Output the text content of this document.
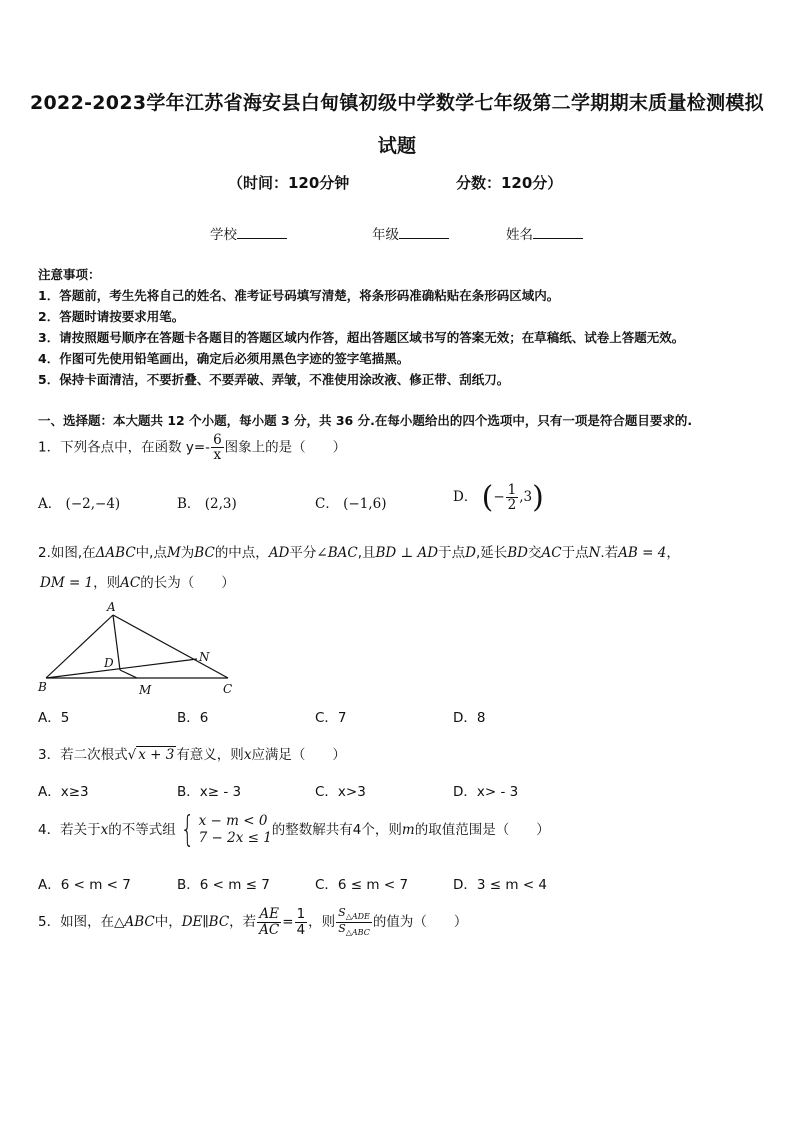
2022-2023学年江苏省海安县白甸镇初级中学数学七年级第二学期期末质量检测模拟
试题
（时间：120分钟	分数：120分）
学校	年级	姓名
注意事项：
1．答题前，考生先将自己的姓名、准考证号码填写清楚，将条形码准确粘贴在条形码区域内。
2．答题时请按要求用笔。
3．请按照题号顺序在答题卡各题目的答题区域内作答，超出答题区域书写的答案无效；在草稿纸、试卷上答题无效。
4．作图可先使用铅笔画出，确定后必须用黑色字迹的签字笔描黑。
5．保持卡面清洁，不要折叠、不要弄破、弄皱，不准使用涂改液、修正带、刮纸刀。
一、选择题：本大题共 12 个小题，每小题 3 分，共 36 分.在每小题给出的四个选项中，只有一项是符合题目要求的.
1．下列各点中，在函数 $y=- \frac{6}{x}$ 图象上的是（　　）
A． (−2,−4)	B． (2,3)	C． (−1,6)	D． (− $\frac{1}{2} ,3$)
2.如图,在ΔABC中,点M为BC的中点，AD平分∠BAC,且BD ⊥ AD于点D,延长BD交AC于点N.若AB = 4，
DM = 1，则AC的长为（　　）
A
D	N
B	M	C
A．5	B．6	C．7	D．8
3．若二次根式√ x + 3 有意义，则x应满足（　　）
A．x≥3	B．x≥ - 3	C．x>3	D．x> - 3
4．若关于x的不等式组 { x − m < 0
7 − 2x ≤ 1 的整数解共有4个，则m的取值范围是（　　）
A．6 < m < 7	B．6 < m ≤ 7	C．6 ≤ m < 7	D．3 ≤ m < 4
5．如图，在△ABC中，DE∥BC，若 $\frac{AE}{AC} = \frac{1}{4}$ ，则 $\frac{S_{\triangle ADE}}{S_{\triangle ABC}}$ 的值为（　　）
